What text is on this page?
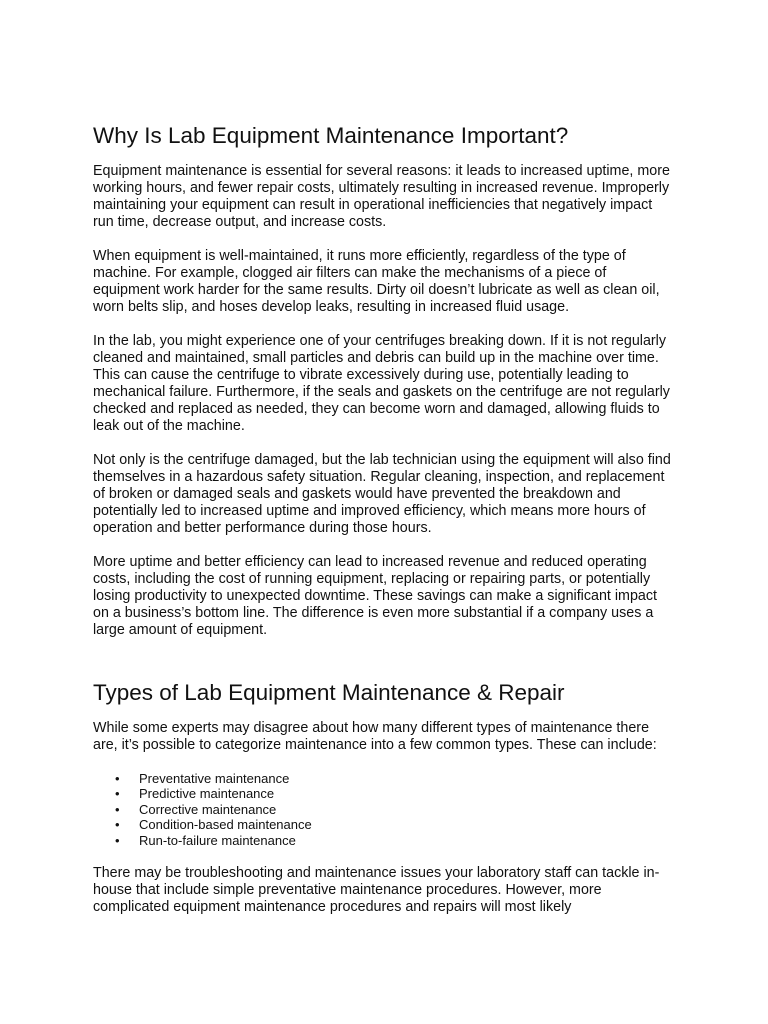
Why Is Lab Equipment Maintenance Important?

Equipment maintenance is essential for several reasons: it leads to increased uptime, more working hours, and fewer repair costs, ultimately resulting in increased revenue. Improperly maintaining your equipment can result in operational inefficiencies that negatively impact run time, decrease output, and increase costs.

When equipment is well-maintained, it runs more efficiently, regardless of the type of machine. For example, clogged air filters can make the mechanisms of a piece of equipment work harder for the same results. Dirty oil doesn’t lubricate as well as clean oil, worn belts slip, and hoses develop leaks, resulting in increased fluid usage.

In the lab, you might experience one of your centrifuges breaking down. If it is not regularly cleaned and maintained, small particles and debris can build up in the machine over time. This can cause the centrifuge to vibrate excessively during use, potentially leading to mechanical failure. Furthermore, if the seals and gaskets on the centrifuge are not regularly checked and replaced as needed, they can become worn and damaged, allowing fluids to leak out of the machine.

Not only is the centrifuge damaged, but the lab technician using the equipment will also find themselves in a hazardous safety situation. Regular cleaning, inspection, and replacement of broken or damaged seals and gaskets would have prevented the breakdown and potentially led to increased uptime and improved efficiency, which means more hours of operation and better performance during those hours.

More uptime and better efficiency can lead to increased revenue and reduced operating costs, including the cost of running equipment, replacing or repairing parts, or potentially losing productivity to unexpected downtime. These savings can make a significant impact on a business’s bottom line. The difference is even more substantial if a company uses a large amount of equipment.

Types of Lab Equipment Maintenance & Repair

While some experts may disagree about how many different types of maintenance there are, it’s possible to categorize maintenance into a few common types. These can include:

• Preventative maintenance
• Predictive maintenance
• Corrective maintenance
• Condition-based maintenance
• Run-to-failure maintenance

There may be troubleshooting and maintenance issues your laboratory staff can tackle in-house that include simple preventative maintenance procedures. However, more complicated equipment maintenance procedures and repairs will most likely
